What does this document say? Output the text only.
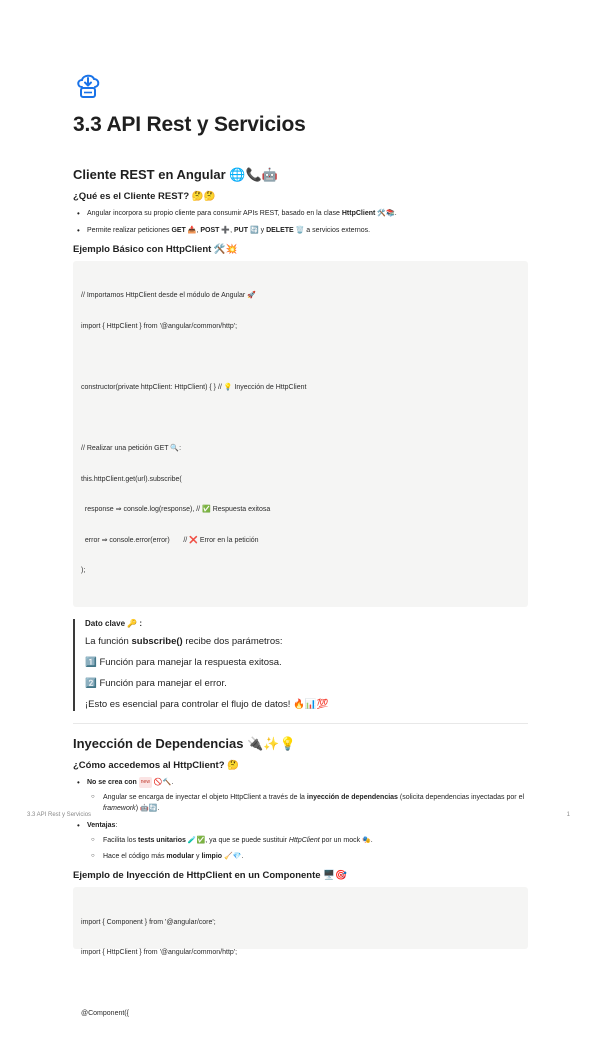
3.3 API Rest y Servicios
Cliente REST en Angular 🌐📞🤖
¿Qué es el Cliente REST? 🤔🤔
• Angular incorpora su propio cliente para consumir APIs REST, basado en la clase HttpClient 🛠️📚.
• Permite realizar peticiones GET 📥, POST ➕, PUT 🔄 y DELETE 🗑️ a servicios externos.
Ejemplo Básico con HttpClient 🛠️💥

// Importamos HttpClient desde el módulo de Angular 🚀

import { HttpClient } from '@angular/common/http';

constructor(private httpClient: HttpClient) { } // 💡 Inyección de HttpClient

// Realizar una petición GET 🔍:

this.httpClient.get(url).subscribe(

response ⇒ console.log(response), // ✅ Respuesta exitosa

error ⇒ console.error(error)       // ❌ Error en la petición

);

Dato clave 🔑 :

La función subscribe() recibe dos parámetros:

1️⃣ Función para manejar la respuesta exitosa.

2️⃣ Función para manejar el error.

¡Esto es esencial para controlar el flujo de datos! 🔥📊💯

Inyección de Dependencias 🔌✨💡
¿Cómo accedemos al HttpClient? 🤔
• No se crea con new 🚫🔨.
○ Angular se encarga de inyectar el objeto HttpClient a través de la inyección de dependencias (solicita dependencias inyectadas por el framework) 🤖🔄.
• Ventajas:
○ Facilita los tests unitarios 🧪✅, ya que se puede sustituir HttpClient por un mock 🎭.
○ Hace el código más modular y limpio 🧹💎.
Ejemplo de Inyección de HttpClient en un Componente 🖥️🎯

import { Component } from '@angular/core';

import { HttpClient } from '@angular/common/http';

@Component({

3.3 API Rest y Servicios	1
